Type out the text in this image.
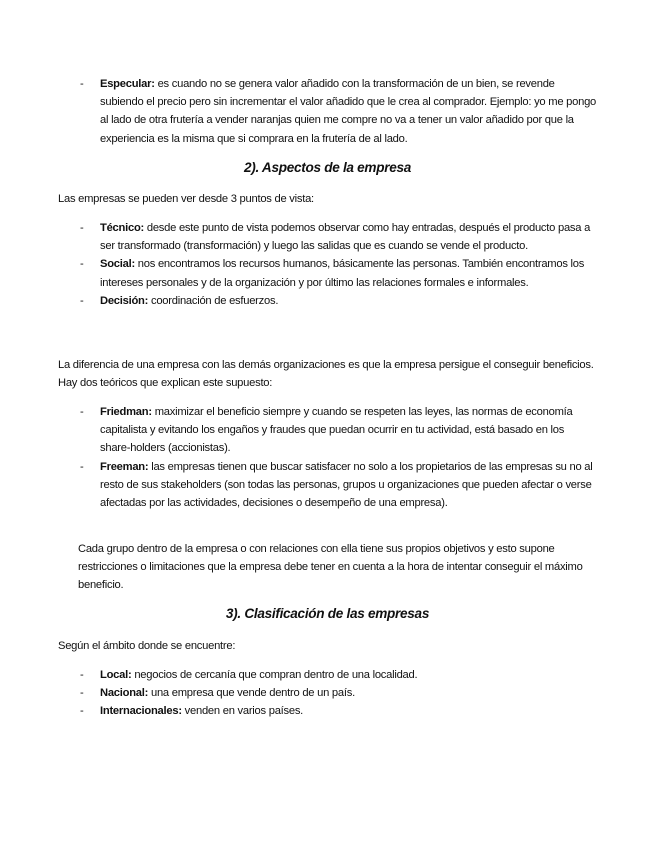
- Especular: es cuando no se genera valor añadido con la transformación de un bien, se revende subiendo el precio pero sin incrementar el valor añadido que le crea al comprador. Ejemplo: yo me pongo al lado de otra frutería a vender naranjas quien me compre no va a tener un valor añadido por que la experiencia es la misma que si comprara en la frutería de al lado.
2). Aspectos de la empresa

Las empresas se pueden ver desde 3 puntos de vista:

- Técnico: desde este punto de vista podemos observar como hay entradas, después el producto pasa a ser transformado (transformación) y luego las salidas que es cuando se vende el producto.
- Social: nos encontramos los recursos humanos, básicamente las personas. También encontramos los intereses personales y de la organización y por último las relaciones formales e informales.
- Decisión: coordinación de esfuerzos.

La diferencia de una empresa con las demás organizaciones es que la empresa persigue el conseguir beneficios. Hay dos teóricos que explican este supuesto:

- Friedman: maximizar el beneficio siempre y cuando se respeten las leyes, las normas de economía capitalista y evitando los engaños y fraudes que puedan ocurrir en tu actividad, está basado en los share-holders (accionistas).
- Freeman: las empresas tienen que buscar satisfacer no solo a los propietarios de las empresas su no al resto de sus stakeholders (son todas las personas, grupos u organizaciones que pueden afectar o verse afectadas por las actividades, decisiones o desempeño de una empresa).

Cada grupo dentro de la empresa o con relaciones con ella tiene sus propios objetivos y esto supone restricciones o limitaciones que la empresa debe tener en cuenta a la hora de intentar conseguir el máximo beneficio.

3). Clasificación de las empresas

Según el ámbito donde se encuentre:

- Local: negocios de cercanía que compran dentro de una localidad.
- Nacional: una empresa que vende dentro de un país.
- Internacionales: venden en varios países.
